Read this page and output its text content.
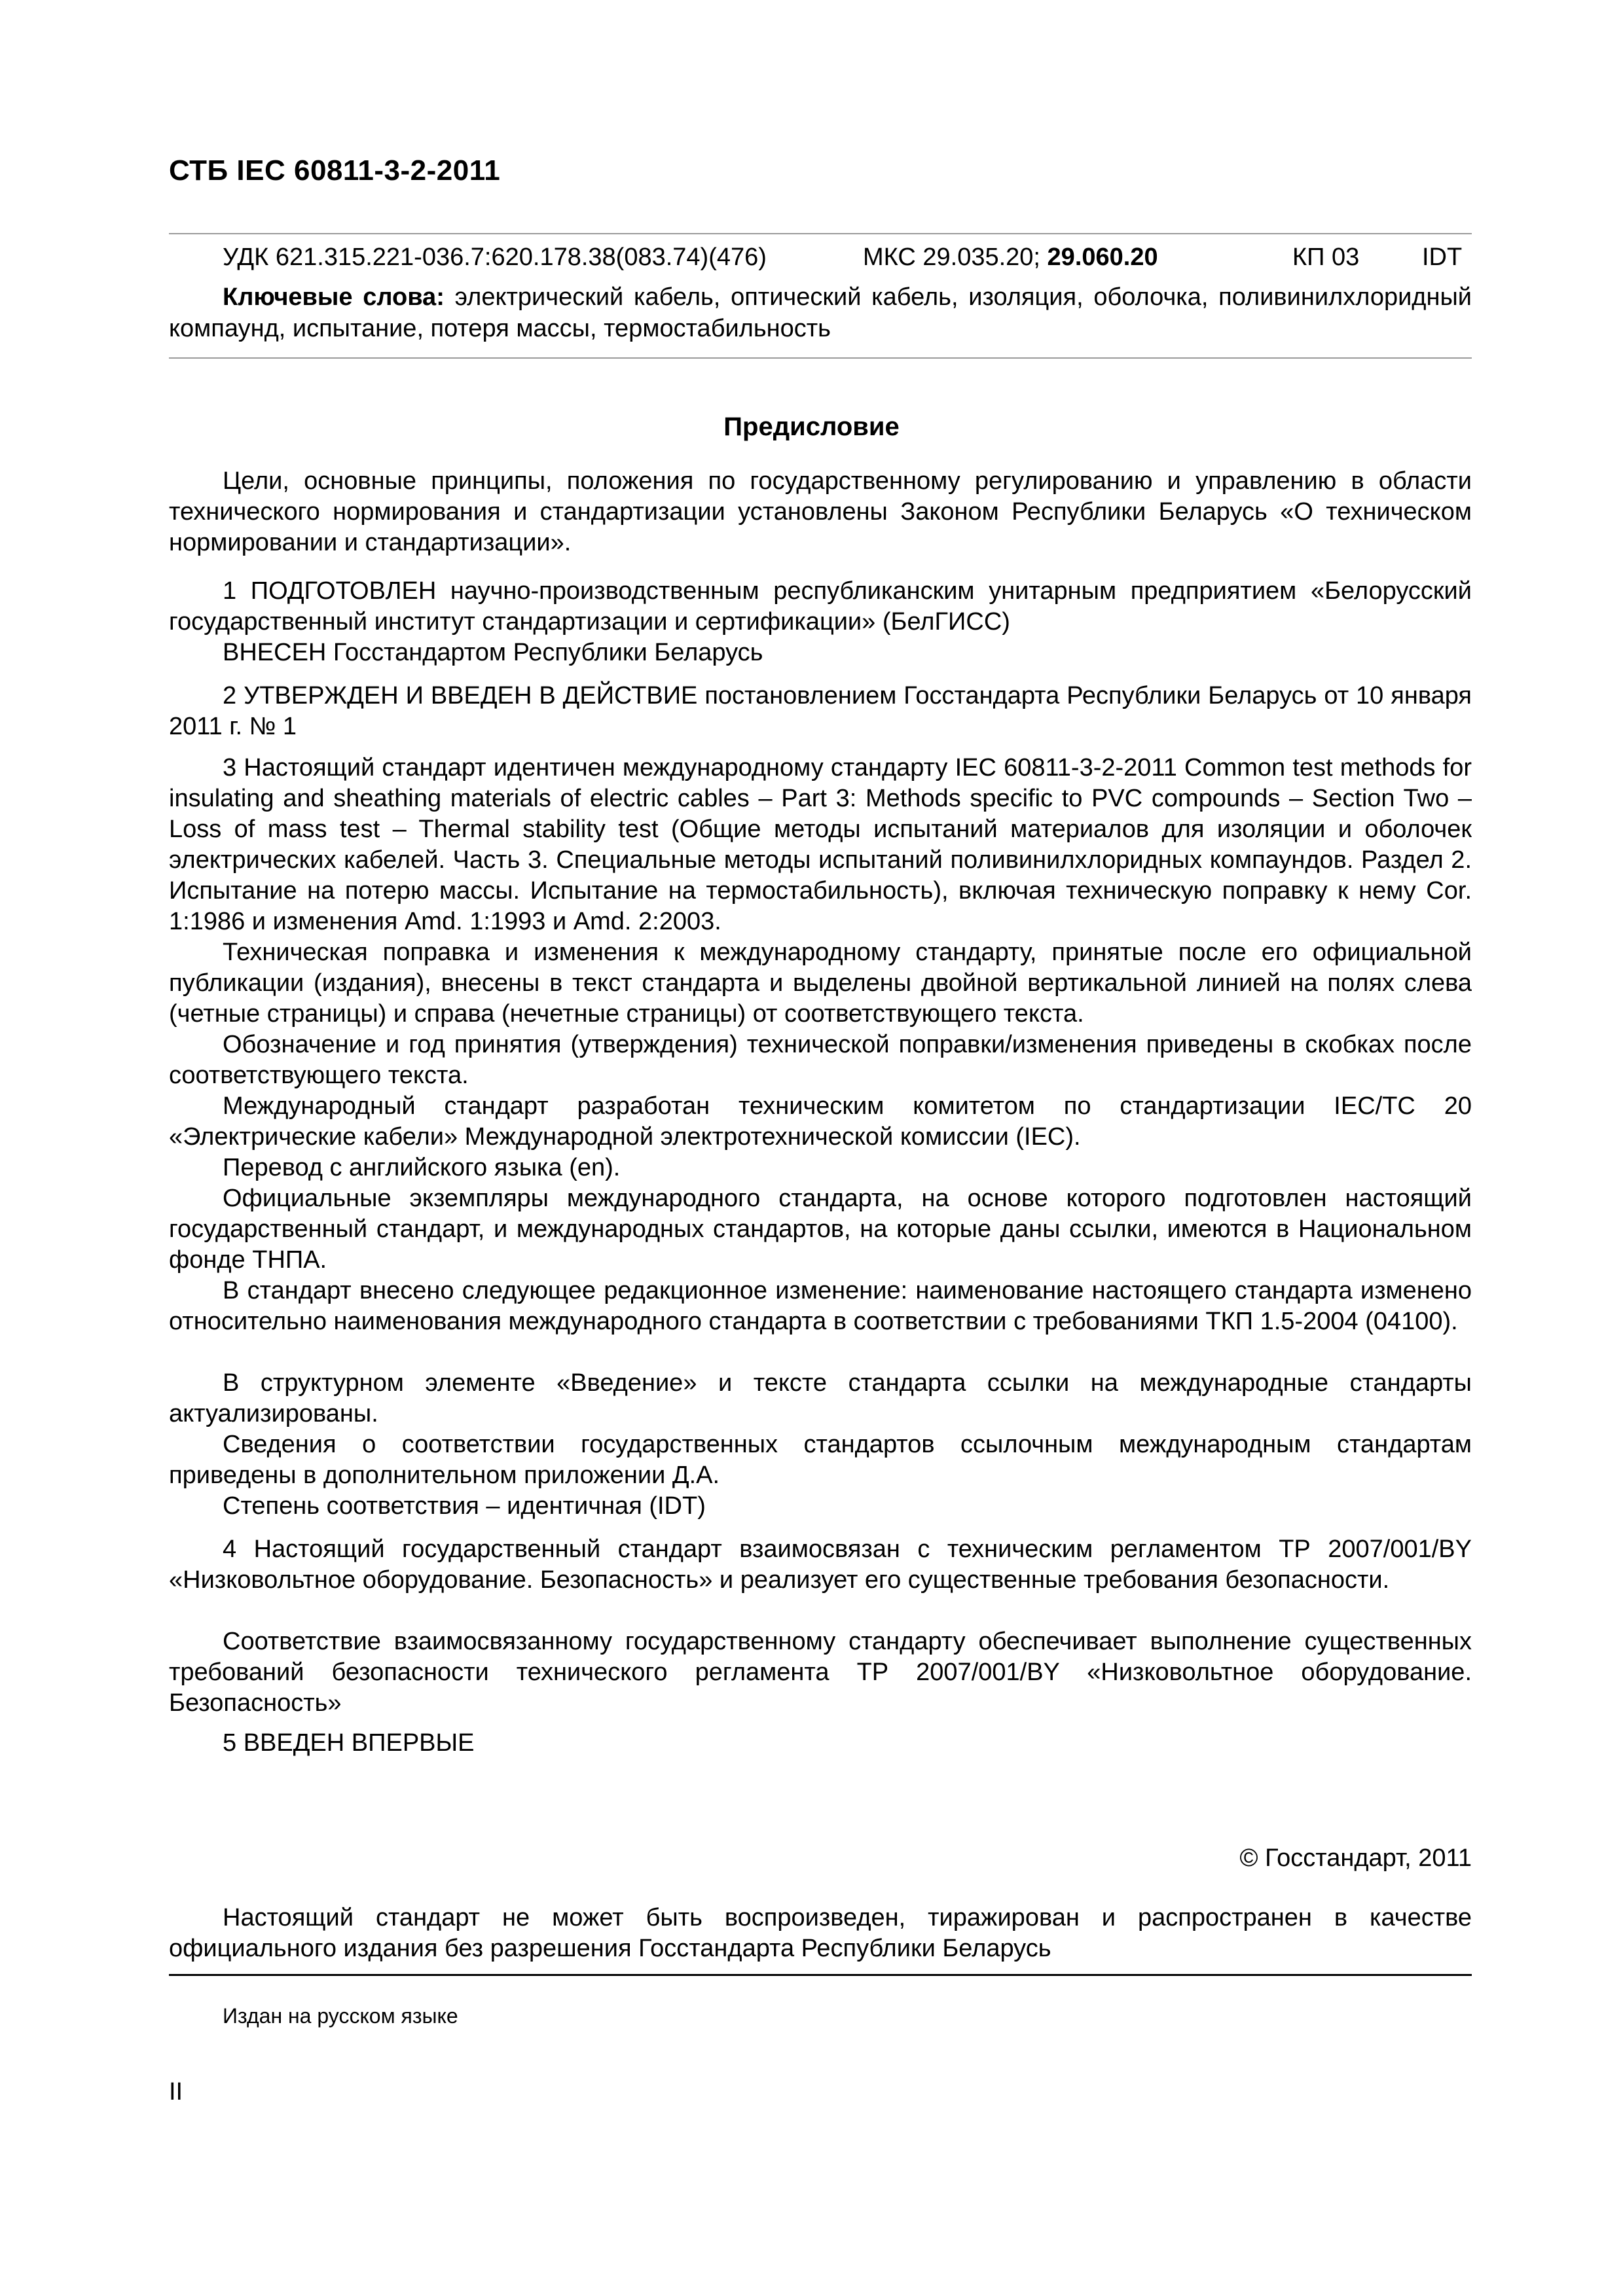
СТБ IEC 60811-3-2-2011
УДК 621.315.221-036.7:620.178.38(083.74)(476)	МКС 29.035.20; 29.060.20	КП 03	IDT
Ключевые слова: электрический кабель, оптический кабель, изоляция, оболочка, поливинилхлоридный компаунд, испытание, потеря массы, термостабильность
Предисловие
Цели, основные принципы, положения по государственному регулированию и управлению в области технического нормирования и стандартизации установлены Законом Республики Беларусь «О техническом нормировании и стандартизации».
1 ПОДГОТОВЛЕН научно-производственным республиканским унитарным предприятием «Белорусский государственный институт стандартизации и сертификации» (БелГИСС)
ВНЕСЕН Госстандартом Республики Беларусь
2 УТВЕРЖДЕН И ВВЕДЕН В ДЕЙСТВИЕ постановлением Госстандарта Республики Беларусь от 10 января 2011 г. № 1
3 Настоящий стандарт идентичен международному стандарту IEC 60811-3-2-2011 Common test methods for insulating and sheathing materials of electric cables – Part 3: Methods specific to PVC compounds – Section Two – Loss of mass test – Thermal stability test (Общие методы испытаний материалов для изоляции и оболочек электрических кабелей. Часть 3. Специальные методы испытаний поливинилхлоридных компаундов. Раздел 2. Испытание на потерю массы. Испытание на термостабильность), включая техническую поправку к нему Cor. 1:1986 и изменения Amd. 1:1993 и Amd. 2:2003.
Техническая поправка и изменения к международному стандарту, принятые после его официальной публикации (издания), внесены в текст стандарта и выделены двойной вертикальной линией на полях слева (четные страницы) и справа (нечетные страницы) от соответствующего текста.
Обозначение и год принятия (утверждения) технической поправки/изменения приведены в скобках после соответствующего текста.
Международный стандарт разработан техническим комитетом по стандартизации IEC/TC 20 «Электрические кабели» Международной электротехнической комиссии (IEC).
Перевод с английского языка (en).
Официальные экземпляры международного стандарта, на основе которого подготовлен настоящий государственный стандарт, и международных стандартов, на которые даны ссылки, имеются в Национальном фонде ТНПА.
В стандарт внесено следующее редакционное изменение: наименование настоящего стандарта изменено относительно наименования международного стандарта в соответствии с требованиями ТКП 1.5-2004 (04100).
В структурном элементе «Введение» и тексте стандарта ссылки на международные стандарты актуализированы.
Сведения о соответствии государственных стандартов ссылочным международным стандартам приведены в дополнительном приложении Д.А.
Степень соответствия – идентичная (IDT)
4 Настоящий государственный стандарт взаимосвязан с техническим регламентом ТР 2007/001/BY «Низковольтное оборудование. Безопасность» и реализует его существенные требования безопасности.
Соответствие взаимосвязанному государственному стандарту обеспечивает выполнение существенных требований безопасности технического регламента ТР 2007/001/BY «Низковольтное оборудование. Безопасность»
5 ВВЕДЕН ВПЕРВЫЕ
© Госстандарт, 2011
Настоящий стандарт не может быть воспроизведен, тиражирован и распространен в качестве официального издания без разрешения Госстандарта Республики Беларусь
Издан на русском языке
II
